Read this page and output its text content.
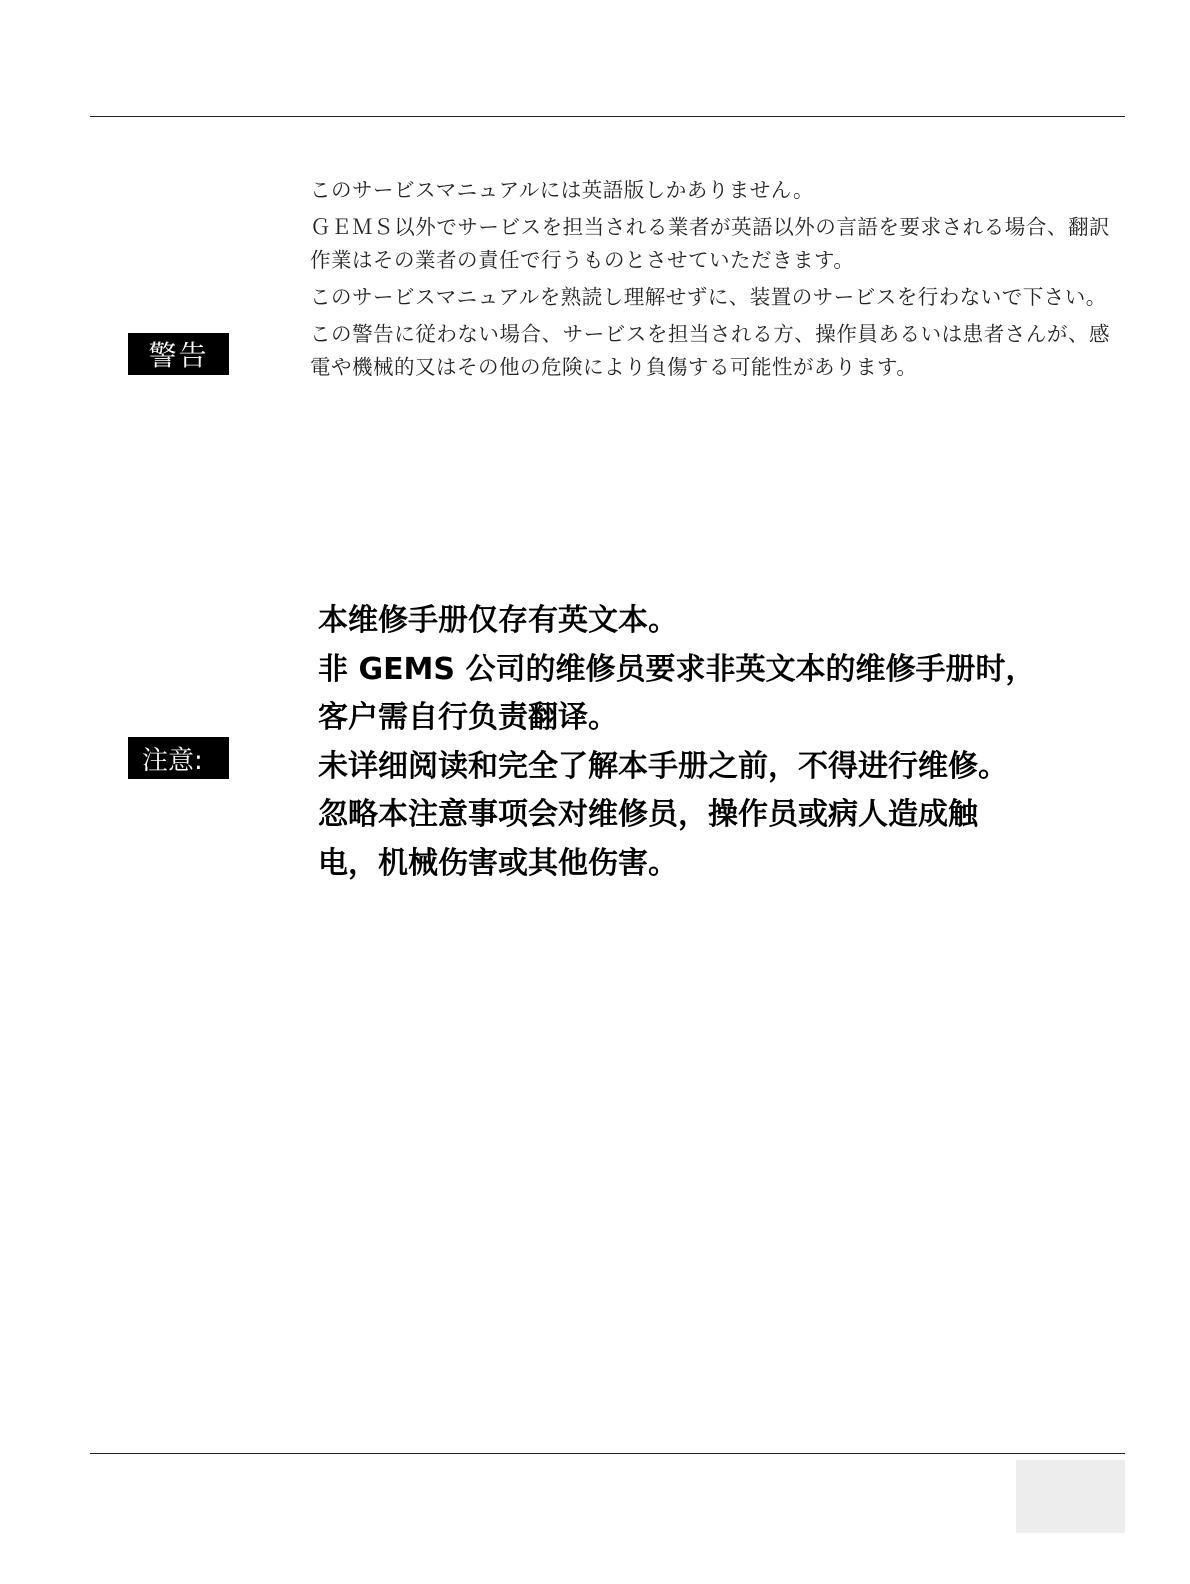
警告

このサービスマニュアルには英語版しかありません。

ＧＥＭＳ以外でサービスを担当される業者が英語以外の言語を要求される場合、翻訳作業はその業者の責任で行うものとさせていただきます。

このサービスマニュアルを熟読し理解せずに、装置のサービスを行わないで下さい。

この警告に従わない場合、サービスを担当される方、操作員あるいは患者さんが、感電や機械的又はその他の危険により負傷する可能性があります。

注意:

本维修手册仅存有英文本。

非 GEMS 公司的维修员要求非英文本的维修手册时，

客户需自行负责翻译。

未详细阅读和完全了解本手册之前，不得进行维修。

忽略本注意事项会对维修员，操作员或病人造成触

电，机械伤害或其他伤害。
